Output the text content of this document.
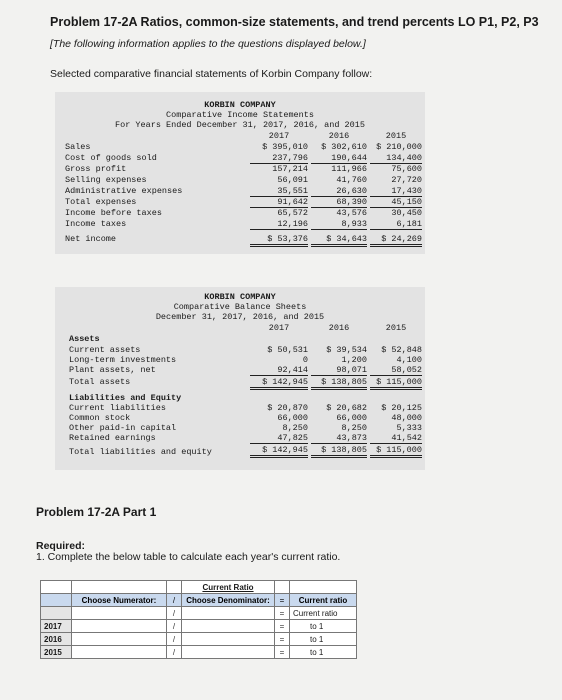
Problem 17-2A Ratios, common-size statements, and trend percents LO P1, P2, P3
[The following information applies to the questions displayed below.]
Selected comparative financial statements of Korbin Company follow:
KORBIN COMPANY
Comparative Income Statements
For Years Ended December 31, 2017, 2016, and 2015
2017	2016	2015
Sales	$ 395,010	$ 302,610	$ 210,000
Cost of goods sold	237,796	190,644	134,400
Gross profit	157,214	111,966	75,600
Selling expenses	56,091	41,760	27,720
Administrative expenses	35,551	26,630	17,430
Total expenses	91,642	68,390	45,150
Income before taxes	65,572	43,576	30,450
Income taxes	12,196	8,933	6,181
Net income	$ 53,376	$ 34,643	$ 24,269
KORBIN COMPANY
Comparative Balance Sheets
December 31, 2017, 2016, and 2015
2017	2016	2015
Assets
Current assets	$ 50,531	$ 39,534	$ 52,848
Long-term investments	0	1,200	4,100
Plant assets, net	92,414	98,071	58,052
Total assets	$ 142,945	$ 138,805	$ 115,000
Liabilities and Equity
Current liabilities	$ 20,870	$ 20,682	$ 20,125
Common stock	66,000	66,000	48,000
Other paid-in capital	8,250	8,250	5,333
Retained earnings	47,825	43,873	41,542
Total liabilities and equity	$ 142,945	$ 138,805	$ 115,000
Problem 17-2A Part 1
Required:
1. Complete the below table to calculate each year's current ratio.
			Current Ratio		
	Choose Numerator:	/	Choose Denominator:	=	Current ratio
		/		=	Current ratio
2017		/		=	to 1
2016		/		=	to 1
2015		/		=	to 1
